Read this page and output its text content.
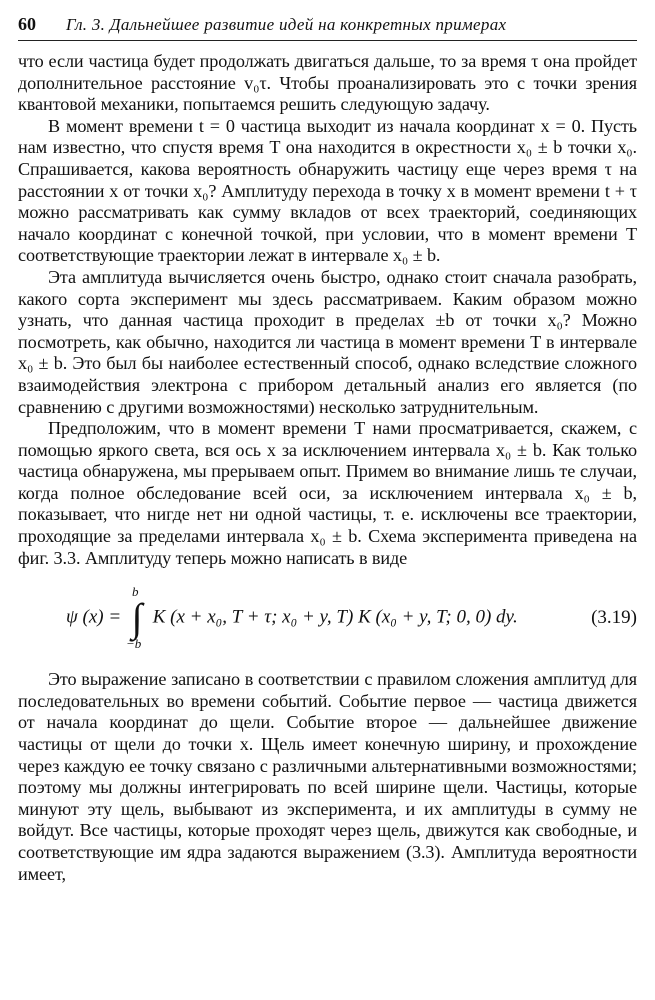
60	Гл. 3. Дальнейшее развитие идей на конкретных примерах

что если частица будет продолжать двигаться дальше, то за время τ она пройдет дополнительное расстояние v₀τ. Чтобы проанализировать это с точки зрения квантовой механики, попытаемся решить следующую задачу.

В момент времени t = 0 частица выходит из начала координат x = 0. Пусть нам известно, что спустя время T она находится в окрестности x₀ ± b точки x₀. Спрашивается, какова вероятность обнаружить частицу еще через время τ на расстоянии x от точки x₀? Амплитуду перехода в точку x в момент времени t + τ можно рассматривать как сумму вкладов от всех траекторий, соединяющих начало координат с конечной точкой, при условии, что в момент времени T соответствующие траектории лежат в интервале x₀ ± b.

Эта амплитуда вычисляется очень быстро, однако стоит сначала разобрать, какого сорта эксперимент мы здесь рассматриваем. Каким образом можно узнать, что данная частица проходит в пределах ±b от точки x₀? Можно посмотреть, как обычно, находится ли частица в момент времени T в интервале x₀ ± b. Это был бы наиболее естественный способ, однако вследствие сложного взаимодействия электрона с прибором детальный анализ его является (по сравнению с другими возможностями) несколько затруднительным.

Предположим, что в момент времени T нами просматривается, скажем, с помощью яркого света, вся ось x за исключением интервала x₀ ± b. Как только частица обнаружена, мы прерываем опыт. Примем во внимание лишь те случаи, когда полное обследование всей оси, за исключением интервала x₀ ± b, показывает, что нигде нет ни одной частицы, т. е. исключены все траектории, проходящие за пределами интервала x₀ ± b. Схема эксперимента приведена на фиг. 3.3. Амплитуду теперь можно написать в виде

ψ (x) =
b
∫
−b
K (x + x₀, T + τ; x₀ + y, T) K (x₀ + y, T; 0, 0) dy.	(3.19)

Это выражение записано в соответствии с правилом сложения амплитуд для последовательных во времени событий. Событие первое — частица движется от начала координат до щели. Событие второе — дальнейшее движение частицы от щели до точки x. Щель имеет конечную ширину, и прохождение через каждую ее точку связано с различными альтернативными возможностями; поэтому мы должны интегрировать по всей ширине щели. Частицы, которые минуют эту щель, выбывают из эксперимента, и их амплитуды в сумму не войдут. Все частицы, которые проходят через щель, движутся как свободные, и соответствующие им ядра задаются выражением (3.3). Амплитуда вероятности имеет,
